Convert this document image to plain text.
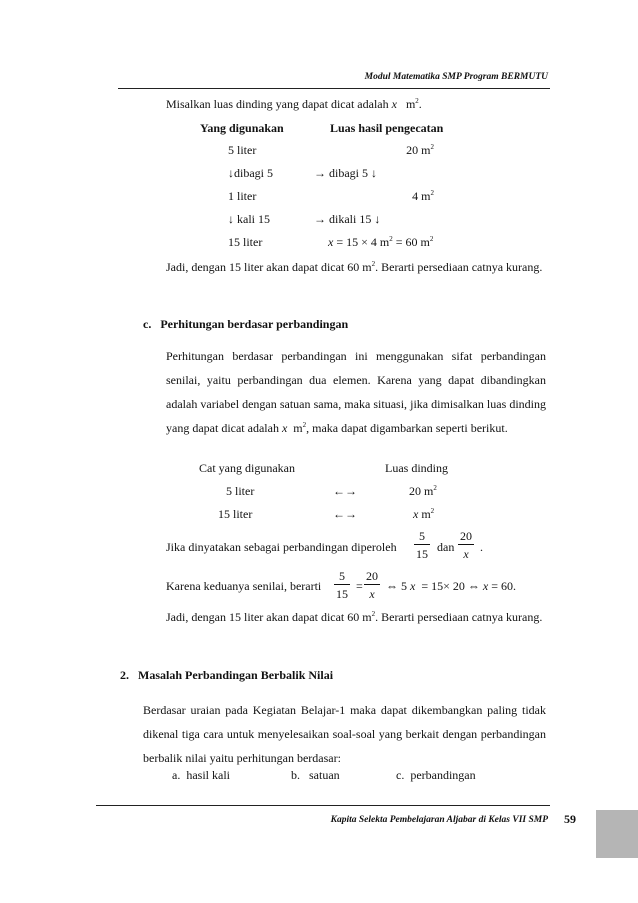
Modul Matematika SMP Program BERMUTU
Misalkan luas dinding yang dapat dicat adalah x $m^2$.
Yang digunakan	Luas hasil pengecatan
5 liter	20 $m^2$
↓dibagi 5	→ dibagi 5 ↓
1 liter	4 $m^2$
↓ kali 15	→ dikali 15 ↓
15 liter	x = 15 × 4 $m^2 = 60$ $m^2$
Jadi, dengan 15 liter akan dapat dicat 60 $m^2$. Berarti persediaan catnya kurang.
c.   Perhitungan berdasar perbandingan
Perhitungan berdasar perbandingan ini menggunakan sifat perbandingan senilai, yaitu perbandingan dua elemen. Karena yang dapat dibandingkan adalah variabel dengan satuan sama, maka situasi, jika dimisalkan luas dinding yang dapat dicat adalah x $m^2$, maka dapat digambarkan seperti berikut.
Cat yang digunakan	Luas dinding
5 liter	←→	20 $m^2$
15 liter	←→	x $m^2$
Jika dinyatakan sebagai perbandingan diperoleh
5
15 dan
20
x .
Karena keduanya senilai, berarti
5
15
=
20
x
⇔ 5 x = 15× 20 ⇔ x = 60.
Jadi, dengan 15 liter akan dapat dicat 60 $m^2$. Berarti persediaan catnya kurang.
2.   Masalah Perbandingan Berbalik Nilai
Berdasar uraian pada Kegiatan Belajar-1 maka dapat dikembangkan paling tidak dikenal tiga cara untuk menyelesaikan soal-soal yang berkait dengan perbandingan berbalik nilai yaitu perhitungan berdasar:
a.  hasil kali	b.   satuan	c.  perbandingan
Kapita Selekta Pembelajaran Aljabar di Kelas VII SMP 59
